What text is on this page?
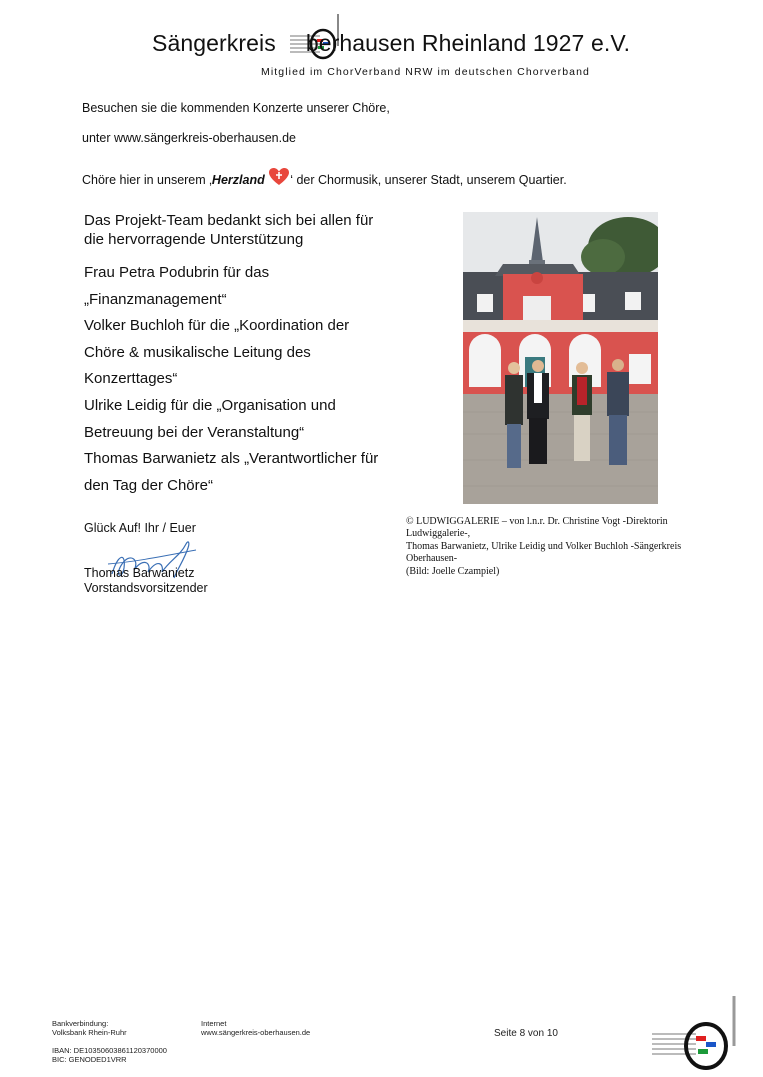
Sängerkreis berhausen Rheinland 1927 e.V.
Mitglied im ChorVerband NRW im deutschen Chorverband
Besuchen sie die kommenden Konzerte unserer Chöre,
unter www.sängerkreis-oberhausen.de
Chöre hier in unserem ‚Herzland ‘ der Chormusik, unserer Stadt, unserem Quartier.
Das Projekt-Team bedankt sich bei allen für
die hervorragende Unterstützung
Frau Petra Podubrin für das
„Finanzmanagement“
Volker Buchloh für die „Koordination der
Chöre & musikalische Leitung des
Konzerttages“
Ulrike Leidig für die „Organisation und
Betreuung bei der Veranstaltung“
Thomas Barwanietz als „Verantwortlicher für
den Tag der Chöre“
Glück Auf! Ihr / Euer
Thomas Barwanietz
Vorstandsvorsitzender
© LUDWIGGALERIE – von l.n.r. Dr. Christine Vogt -Direktorin
Ludwiggalerie-,
Thomas Barwanietz, Ulrike Leidig und Volker Buchloh -Sängerkreis
Oberhausen-
(Bild: Joelle Czampiel)
Bankverbindung:
Volksbank Rhein-Ruhr
IBAN: DE10350603861120370000
BIC: GENODED1VRR
Internet
www.sängerkreis-oberhausen.de	Seite 8 von 10
